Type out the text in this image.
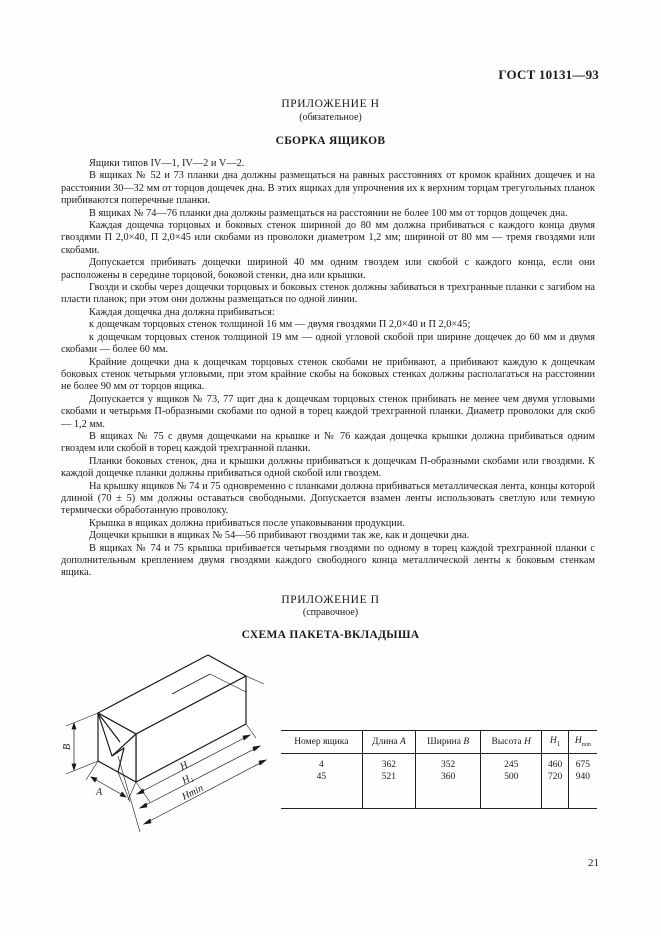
ГОСТ 10131—93
ПРИЛОЖЕНИЕ Н
(обязательное)
СБОРКА ЯЩИКОВ

Ящики типов IV—1, IV—2 и V—2.

В ящиках № 52 и 73 планки дна должны размещаться на равных расстояниях от кромок крайних дощечек и на расстоянии 30—32 мм от торцов дощечек дна. В этих ящиках для упрочнения их к верхним торцам трегугольных планок прибиваются поперечные планки.

В ящиках № 74—76 планки дна должны размещаться на расстоянии не более 100 мм от торцов дощечек дна.

Каждая дощечка торцовых и боковых стенок шириной до 80 мм должна прибиваться с каждого конца двумя гвоздями П 2,0×40, П 2,0×45 или скобами из проволоки диаметром 1,2 мм; шириной от 80 мм — тремя гвоздями или скобами.

Допускается прибивать дощечки шириной 40 мм одним гвоздем или скобой с каждого конца, если они расположены в середине торцовой, боковой стенки, дна или крышки.

Гвозди и скобы через дощечки торцовых и боковых стенок должны забиваться в трехгранные планки с загибом на пласти планок; при этом они должны размещаться по одной линии.

Каждая дощечка дна должна прибиваться:

к дощечкам торцовых стенок толщиной 16 мм — двумя гвоздями П 2,0×40 и П 2,0×45;

к дощечкам торцовых стенок толщиной 19 мм — одной угловой скобой при ширине дощечек до 60 мм и двумя скобами — более 60 мм.

Крайние дощечки дна к дощечкам торцовых стенок скобами не прибивают, а прибивают каждую к дощечкам боковых стенок четырьмя угловыми, при этом крайние скобы на боковых стенках должны располагаться на расстоянии не более 90 мм от торцов ящика.

Допускается у ящиков № 73, 77 щит дна к дощечкам торцовых стенок прибивать не менее чем двумя угловыми скобами и четырьмя П-образными скобами по одной в торец каждой трехгранной планки. Диаметр проволоки для скоб — 1,2 мм.

В ящиках № 75 с двумя дощечками на крышке и № 76 каждая дощечка крышки должна прибиваться одним гвоздем или скобой в торец каждой трехгранной планки.

Планки боковых стенок, дна и крышки должны прибиваться к дощечкам П-образными скобами или гвоздями. К каждой дощечке планки должны прибиваться одной скобой или гвоздем.

На крышку ящиков № 74 и 75 одновременно с планками должна прибиваться металлическая лента, концы которой длиной (70 ± 5) мм должны оставаться свободными. Допускается взамен ленты использовать светлую или темную термически обработанную проволоку.

Крышка в ящиках должна прибиваться после упаковывания продукции.

Дощечки крышки в ящиках № 54—56 прибивают гвоздями так же, как и дощечки дна.

В ящиках № 74 и 75 крышка прибивается четырьмя гвоздями по одному в торец каждой трехгранной планки с дополнительным креплением двумя гвоздями каждого свободного конца металлической ленты к боковым стенкам ящика.

ПРИЛОЖЕНИЕ П
(справочное)
СХЕМА ПАКЕТА-ВКЛАДЫША
В
А
Н
Н₁
Нmin
Номер ящика	Длина А	Ширина В	Высота Н	$Н_1$	$Н_{min}$
4	362	352	245	460	675
45	521	360	500	720	940

21
